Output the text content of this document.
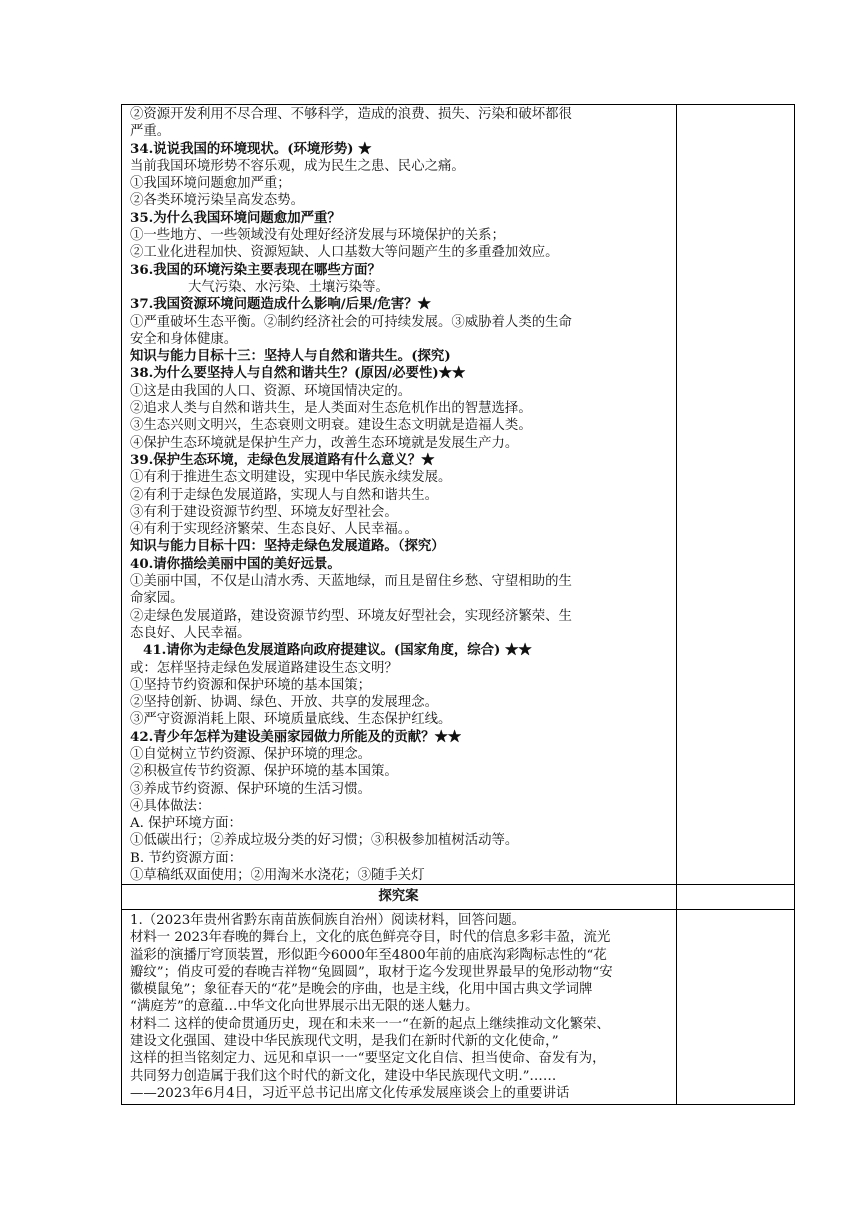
②资源开发利用不尽合理、不够科学，造成的浪费、损失、污染和破坏都很

严重。

34.说说我国的环境现状。(环境形势) ★

当前我国环境形势不容乐观，成为民生之患、民心之痛。

①我国环境问题愈加严重；

②各类环境污染呈高发态势。

35.为什么我国环境问题愈加严重？

①一些地方、一些领域没有处理好经济发展与环境保护的关系；

②工业化进程加快、资源短缺、人口基数大等问题产生的多重叠加效应。

36.我国的环境污染主要表现在哪些方面？

大气污染、水污染、土壤污染等。

37.我国资源环境问题造成什么影响/后果/危害？★

①严重破坏生态平衡。②制约经济社会的可持续发展。③威胁着人类的生命

安全和身体健康。

知识与能力目标十三：坚持人与自然和谐共生。(探究)

38.为什么要坚持人与自然和谐共生？(原因/必要性)★★

①这是由我国的人口、资源、环境国情决定的。

②追求人类与自然和谐共生，是人类面对生态危机作出的智慧选择。

③生态兴则文明兴，生态衰则文明衰。建设生态文明就是造福人类。

④保护生态环境就是保护生产力，改善生态环境就是发展生产力。

39.保护生态环境，走绿色发展道路有什么意义？★

①有利于推进生态文明建设，实现中华民族永续发展。

②有利于走绿色发展道路，实现人与自然和谐共生。

③有利于建设资源节约型、环境友好型社会。

④有利于实现经济繁荣、生态良好、人民幸福。。

知识与能力目标十四：坚持走绿色发展道路。（探究）

40.请你描绘美丽中国的美好远景。

①美丽中国，不仅是山清水秀、天蓝地绿，而且是留住乡愁、守望相助的生

命家园。

②走绿色发展道路，建设资源节约型、环境友好型社会，实现经济繁荣、生

态良好、人民幸福。

41.请你为走绿色发展道路向政府提建议。(国家角度，综合) ★★

或：怎样坚持走绿色发展道路建设生态文明？

①坚持节约资源和保护环境的基本国策；

②坚持创新、协调、绿色、开放、共享的发展理念。

③严守资源消耗上限、环境质量底线、生态保护红线。

42.青少年怎样为建设美丽家园做力所能及的贡献？★★

①自觉树立节约资源、保护环境的理念。

②积极宣传节约资源、保护环境的基本国策。

③养成节约资源、保护环境的生活习惯。

④具体做法：

A. 保护环境方面：

①低碳出行；②养成垃圾分类的好习惯；③积极参加植树活动等。

B. 节约资源方面：

①草稿纸双面使用；②用淘米水浇花；③随手关灯

探究案

1.（2023年贵州省黔东南苗族侗族自治州）阅读材料，回答问题。

材料一 2023年春晚的舞台上，文化的底色鲜亮夺目，时代的信息多彩丰盈，流光

溢彩的演播厅穹顶装置，形似距今6000年至4800年前的庙底沟彩陶标志性的“花

瓣纹”；俏皮可爱的春晚吉祥物“兔圆圆”，取材于迄今发现世界最早的兔形动物“安

徽模鼠兔”；象征春天的“花”是晚会的序曲，也是主线，化用中国古典文学词牌

“满庭芳”的意蕴…中华文化向世界展示出无限的迷人魅力。

材料二 这样的使命贯通历史，现在和未来一一“在新的起点上继续推动文化繁荣、

建设文化强国、建设中华民族现代文明，是我们在新时代新的文化使命，”

这样的担当铭刻定力、远见和卓识一一“要坚定文化自信、担当使命、奋发有为，

共同努力创造属于我们这个时代的新文化，建设中华民族现代文明.”……

——2023年6月4日，习近平总书记出席文化传承发展座谈会上的重要讲话
